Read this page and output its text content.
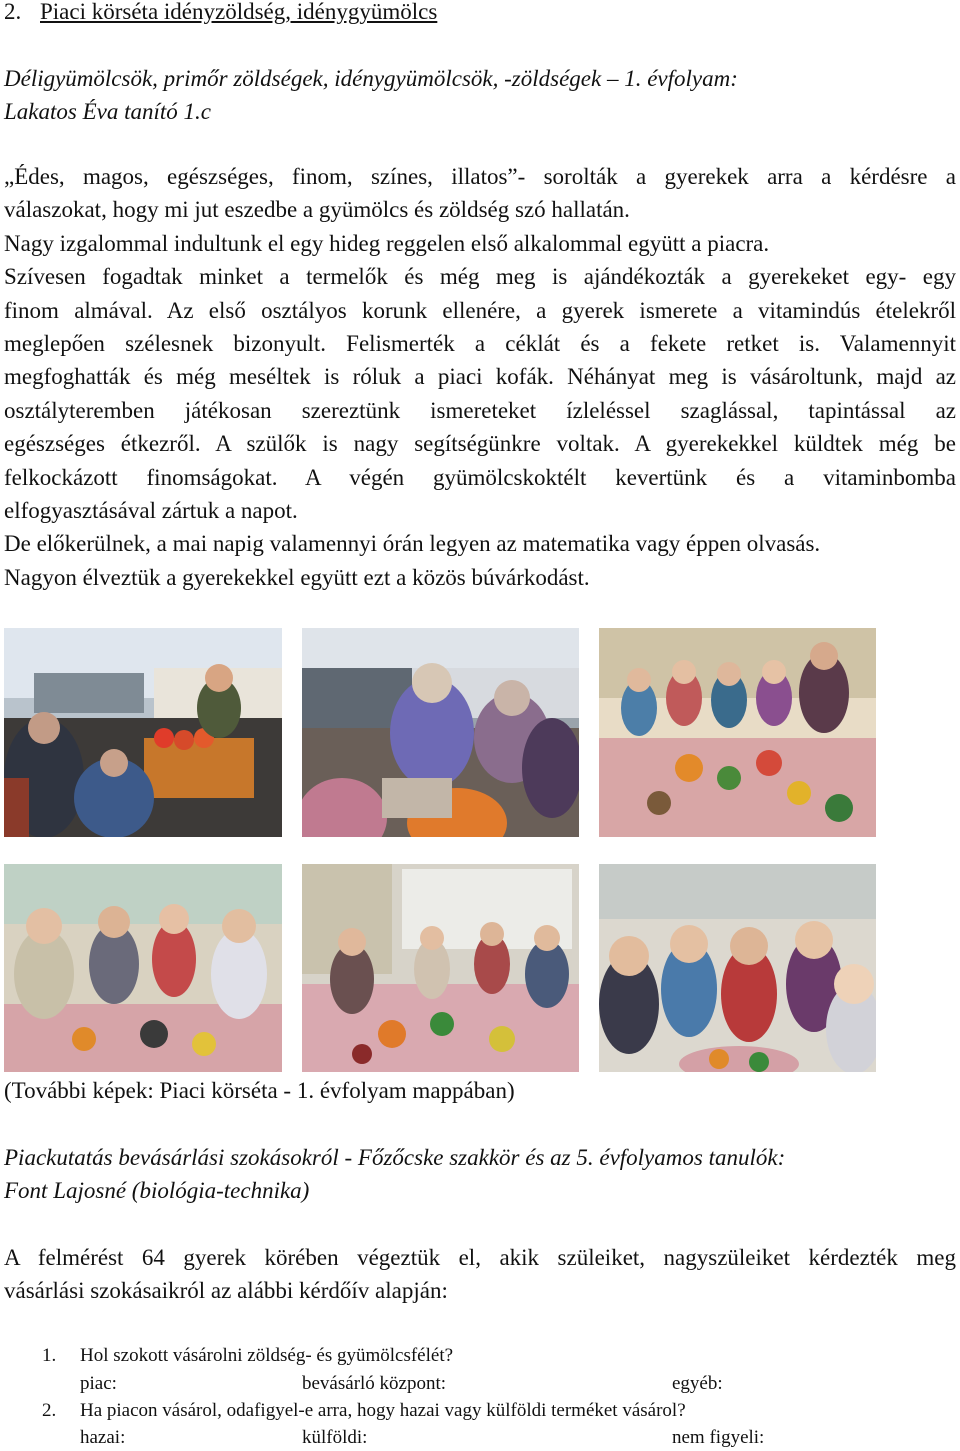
2. Piaci körséta idényzöldség, idénygyümölcs
Déligyümölcsök, primőr zöldségek, idénygyümölcsök, -zöldségek – 1. évfolyam:
Lakatos Éva tanító 1.c
„Édes, magos, egészséges, finom, színes, illatos”- sorolták a gyerekek arra a kérdésre a
válaszokat, hogy mi jut eszedbe a gyümölcs és zöldség szó hallatán.
Nagy izgalommal indultunk el egy hideg reggelen első alkalommal együtt a piacra.
Szívesen fogadtak minket a termelők és még meg is ajándékozták a gyerekeket egy- egy
finom almával. Az első osztályos korunk ellenére, a gyerek ismerete a vitamindús ételekről
meglepően szélesnek bizonyult. Felismerték a céklát és a fekete retket is. Valamennyit
megfoghatták és még meséltek is róluk a piaci kofák. Néhányat meg is vásároltunk, majd az
osztályteremben játékosan szereztünk ismereteket ízleléssel szaglással, tapintással az
egészséges étkezről. A szülők is nagy segítségünkre voltak. A gyerekekkel küldtek még be
felkockázott finomságokat. A végén gyümölcskoktélt kevertünk és a vitaminbomba
elfogyasztásával zártuk a napot.
De előkerülnek, a mai napig valamennyi órán legyen az matematika vagy éppen olvasás.
Nagyon élveztük a gyerekekkel együtt ezt a közös búvárkodást.
(További képek: Piaci körséta - 1. évfolyam mappában)
Piackutatás bevásárlási szokásokról - Főzőcske szakkör és az 5. évfolyamos tanulók:
Font Lajosné (biológia-technika)
A felmérést 64 gyerek körében végeztük el, akik szüleiket, nagyszüleiket kérdezték meg
vásárlási szokásaikról az alábbi kérdőív alapján:
1. Hol szokott vásárolni zöldség- és gyümölcsfélét?
piac:	bevásárló központ:	egyéb:
2. Ha piacon vásárol, odafigyel-e arra, hogy hazai vagy külföldi terméket vásárol?
hazai:	külföldi:	nem figyeli:
